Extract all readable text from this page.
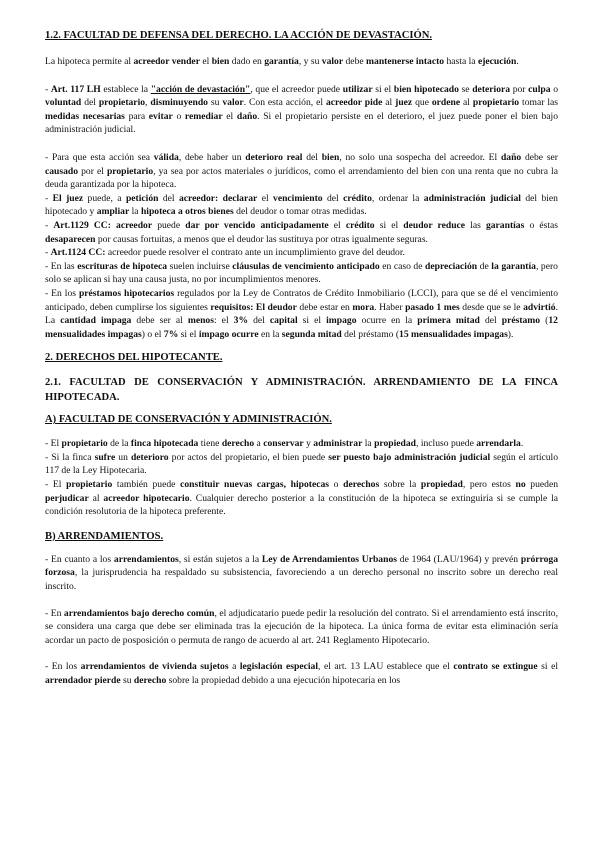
1.2. FACULTAD DE DEFENSA DEL DERECHO. LA ACCIÓN DE DEVASTACIÓN.

La hipoteca permite al acreedor vender el bien dado en garantía, y su valor debe mantenerse intacto hasta la ejecución.

- Art. 117 LH establece la "acción de devastación", que el acreedor puede utilizar si el bien hipotecado se deteriora por culpa o voluntad del propietario, disminuyendo su valor. Con esta acción, el acreedor pide al juez que ordene al propietario tomar las medidas necesarias para evitar o remediar el daño. Si el propietario persiste en el deterioro, el juez puede poner el bien bajo administración judicial.

- Para que esta acción sea válida, debe haber un deterioro real del bien, no solo una sospecha del acreedor. El daño debe ser causado por el propietario, ya sea por actos materiales o jurídicos, como el arrendamiento del bien con una renta que no cubra la deuda garantizada por la hipoteca.

- El juez puede, a petición del acreedor: declarar el vencimiento del crédito, ordenar la administración judicial del bien hipotecado y ampliar la hipoteca a otros bienes del deudor o tomar otras medidas.

- Art.1129 CC: acreedor puede dar por vencido anticipadamente el crédito si el deudor reduce las garantías o éstas desaparecen por causas fortuitas, a menos que el deudor las sustituya por otras igualmente seguras.

- Art.1124 CC: acreedor puede resolver el contrato ante un incumplimiento grave del deudor.

- En las escrituras de hipoteca suelen incluirse cláusulas de vencimiento anticipado en caso de depreciación de la garantía, pero solo se aplican si hay una causa justa, no por incumplimientos menores.

- En los préstamos hipotecarios regulados por la Ley de Contratos de Crédito Inmobiliario (LCCI), para que se dé el vencimiento anticipado, deben cumplirse los siguientes requisitos: El deudor debe estar en mora. Haber pasado 1 mes desde que se le advirtió. La cantidad impaga debe ser al menos: el 3% del capital si el impago ocurre en la primera mitad del préstamo (12 mensualidades impagas) o el 7% si el impago ocurre en la segunda mitad del préstamo (15 mensualidades impagas).

2. DERECHOS DEL HIPOTECANTE.
2.1. FACULTAD DE CONSERVACIÓN Y ADMINISTRACIÓN. ARRENDAMIENTO DE LA FINCA HIPOTECADA.
A) FACULTAD DE CONSERVACIÓN Y ADMINISTRACIÓN.

- El propietario de la finca hipotecada tiene derecho a conservar y administrar la propiedad, incluso puede arrendarla.

- Si la finca sufre un deterioro por actos del propietario, el bien puede ser puesto bajo administración judicial según el artículo 117 de la Ley Hipotecaria.

- El propietario también puede constituir nuevas cargas, hipotecas o derechos sobre la propiedad, pero estos no pueden perjudicar al acreedor hipotecario. Cualquier derecho posterior a la constitución de la hipoteca se extinguiría si se cumple la condición resolutoria de la hipoteca preferente.

B) ARRENDAMIENTOS.

- En cuanto a los arrendamientos, si están sujetos a la Ley de Arrendamientos Urbanos de 1964 (LAU/1964) y prevén prórroga forzosa, la jurisprudencia ha respaldado su subsistencia, favoreciendo a un derecho personal no inscrito sobre un derecho real inscrito.

- En arrendamientos bajo derecho común, el adjudicatario puede pedir la resolución del contrato. Si el arrendamiento está inscrito, se considera una carga que debe ser eliminada tras la ejecución de la hipoteca. La única forma de evitar esta eliminación sería acordar un pacto de posposición o permuta de rango de acuerdo al art. 241 Reglamento Hipotecario.

- En los arrendamientos de vivienda sujetos a legislación especial, el art. 13 LAU establece que el contrato se extingue si el arrendador pierde su derecho sobre la propiedad debido a una ejecución hipotecaria en los
